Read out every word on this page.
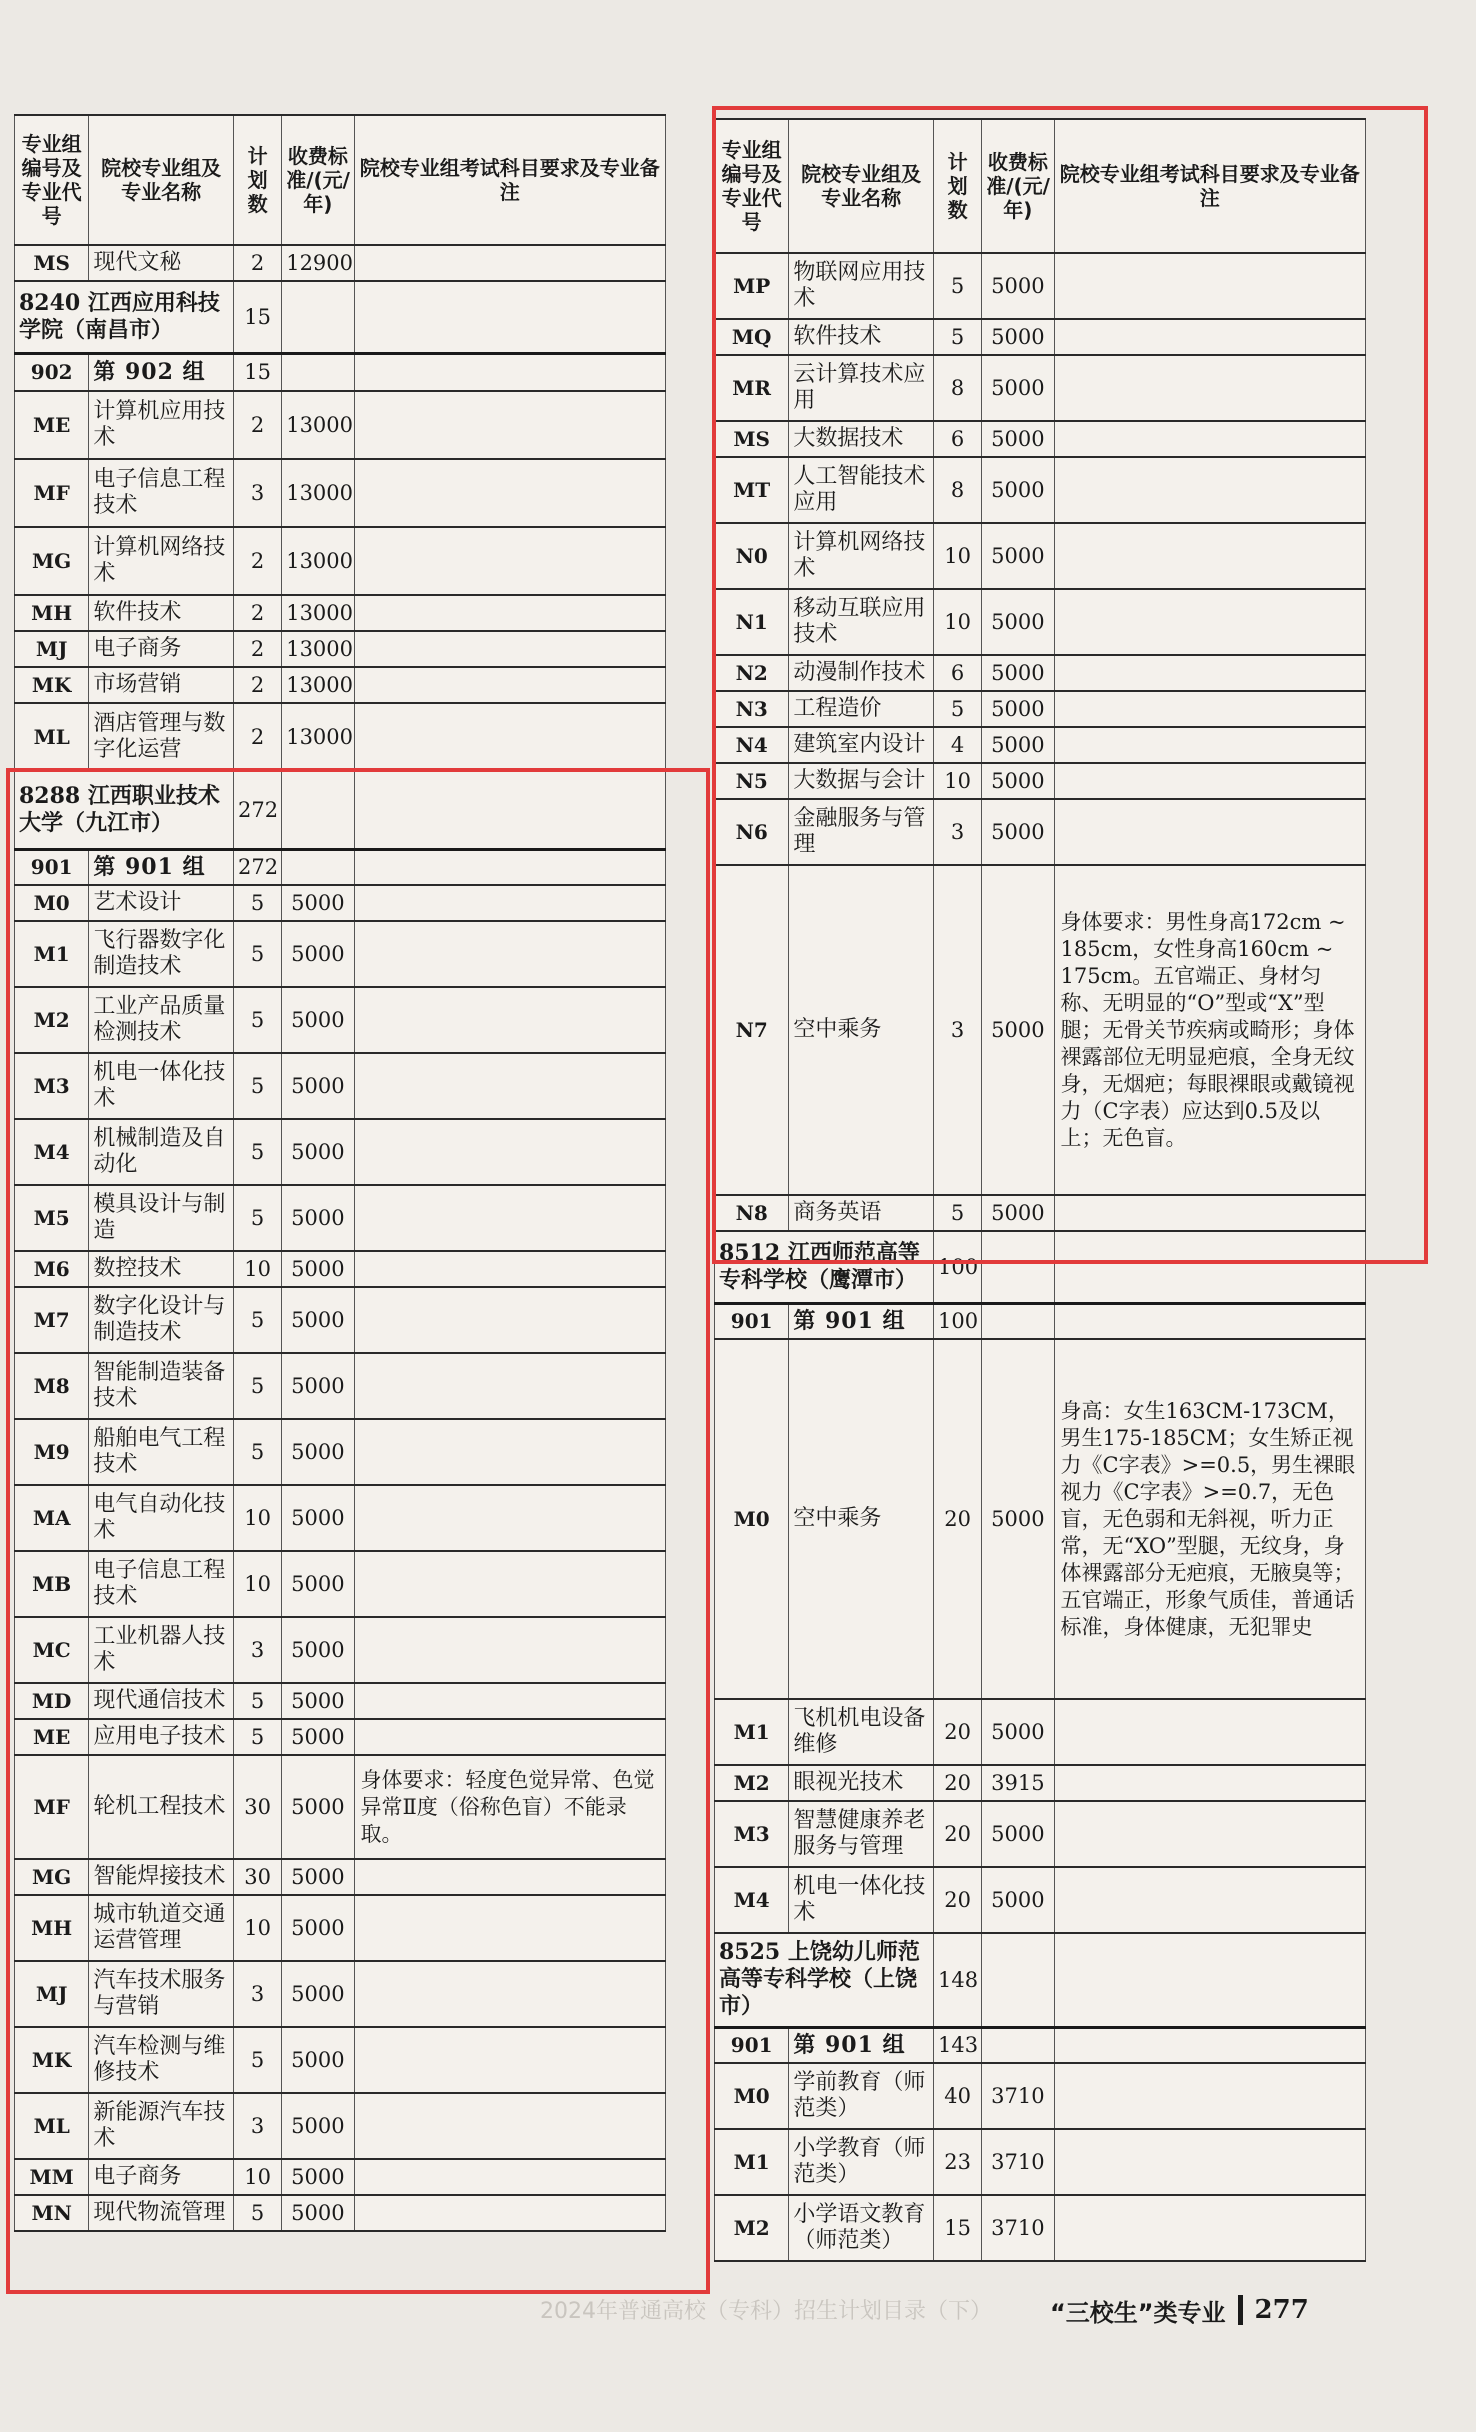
2024年普通高校（专科）招生计划目录（下）
专业组编号及专业代号	院校专业组及专业名称	计划数	收费标准/(元/年)	院校专业组考试科目要求及专业备注
MS	现代文秘	2	12900	
8240 江西应用科技学院（南昌市）		15		
902	第 902 组	15		
ME	计算机应用技术	2	13000	
MF	电子信息工程技术	3	13000	
MG	计算机网络技术	2	13000	
MH	软件技术	2	13000	
MJ	电子商务	2	13000	
MK	市场营销	2	13000	
ML	酒店管理与数字化运营	2	13000	
8288 江西职业技术大学（九江市）		272		
901	第 901 组	272		
M0	艺术设计	5	5000	
M1	飞行器数字化制造技术	5	5000	
M2	工业产品质量检测技术	5	5000	
M3	机电一体化技术	5	5000	
M4	机械制造及自动化	5	5000	
M5	模具设计与制造	5	5000	
M6	数控技术	10	5000	
M7	数字化设计与制造技术	5	5000	
M8	智能制造装备技术	5	5000	
M9	船舶电气工程技术	5	5000	
MA	电气自动化技术	10	5000	
MB	电子信息工程技术	10	5000	
MC	工业机器人技术	3	5000	
MD	现代通信技术	5	5000	
ME	应用电子技术	5	5000	
MF	轮机工程技术	30	5000	身体要求：轻度色觉异常、色觉异常Ⅱ度（俗称色盲）不能录取。
MG	智能焊接技术	30	5000	
MH	城市轨道交通运营管理	10	5000	
MJ	汽车技术服务与营销	3	5000	
MK	汽车检测与维修技术	5	5000	
ML	新能源汽车技术	3	5000	
MM	电子商务	10	5000	
MN	现代物流管理	5	5000	
专业组编号及专业代号	院校专业组及专业名称	计划数	收费标准/(元/年)	院校专业组考试科目要求及专业备注
MP	物联网应用技术	5	5000	
MQ	软件技术	5	5000	
MR	云计算技术应用	8	5000	
MS	大数据技术	6	5000	
MT	人工智能技术应用	8	5000	
N0	计算机网络技术	10	5000	
N1	移动互联应用技术	10	5000	
N2	动漫制作技术	6	5000	
N3	工程造价	5	5000	
N4	建筑室内设计	4	5000	
N5	大数据与会计	10	5000	
N6	金融服务与管理	3	5000	
N7	空中乘务	3	5000	身体要求：男性身高172cm ~ 185cm，女性身高160cm ~ 175cm。五官端正、身材匀称、无明显的“O”型或“X”型腿；无骨关节疾病或畸形；身体裸露部位无明显疤痕，全身无纹身，无烟疤；每眼裸眼或戴镜视力（C字表）应达到0.5及以上；无色盲。
N8	商务英语	5	5000	
8512 江西师范高等专科学校（鹰潭市）		100		
901	第 901 组	100		
M0	空中乘务	20	5000	身高：女生163CM-173CM，男生175-185CM；女生矫正视力《C字表》>=0.5，男生裸眼视力《C字表》>=0.7，无色盲，无色弱和无斜视，听力正常，无“XO”型腿，无纹身，身体裸露部分无疤痕，无腋臭等；五官端正，形象气质佳，普通话标准，身体健康，无犯罪史
M1	飞机机电设备维修	20	5000	
M2	眼视光技术	20	3915	
M3	智慧健康养老服务与管理	20	5000	
M4	机电一体化技术	20	5000	
8525 上饶幼儿师范高等专科学校（上饶市）		148		
901	第 901 组	143		
M0	学前教育（师范类）	40	3710	
M1	小学教育（师范类）	23	3710	
M2	小学语文教育（师范类）	15	3710	
“三校生”类专业 277
